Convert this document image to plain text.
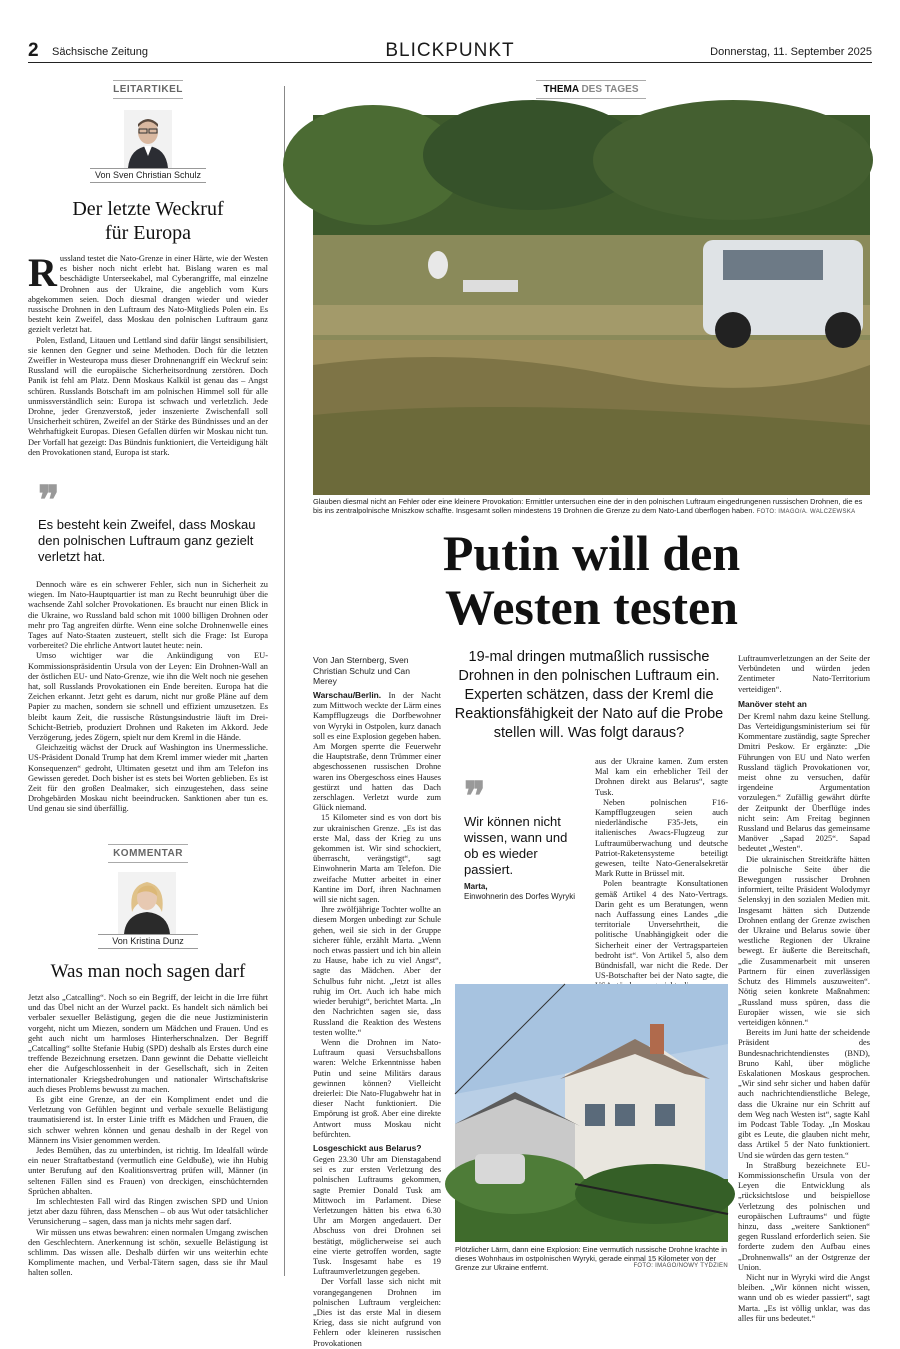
2 Sächsische Zeitung	BLICKPUNKT	Donnerstag, 11. September 2025
LEITARTIKEL
Von Sven Christian Schulz
Der letzte Weckruf
für Europa

Russland testet die Nato-Grenze in einer Härte, wie der Westen es bisher noch nicht erlebt hat. Bislang waren es mal beschädigte Unterseekabel, mal Cyberangriffe, mal einzelne Drohnen aus der Ukraine, die angeblich vom Kurs abgekommen seien. Doch diesmal drangen wieder und wieder russische Drohnen in den Luftraum des Nato-Mitglieds Polen ein. Es besteht kein Zweifel, dass Moskau den polnischen Luftraum ganz gezielt verletzt hat.

Polen, Estland, Litauen und Lettland sind dafür längst sensibilisiert, sie kennen den Gegner und seine Methoden. Doch für die letzten Zweifler in Westeuropa muss dieser Drohnenangriff ein Weckruf sein: Russland will die europäische Sicherheitsordnung zerstören. Doch Panik ist fehl am Platz. Denn Moskaus Kalkül ist genau das – Angst schüren. Russlands Botschaft im am polnischen Himmel soll für alle unmissverständlich sein: Europa ist schwach und verletzlich. Jede Drohne, jeder Grenzverstoß, jeder inszenierte Zwischenfall soll Unsicherheit schüren, Zweifel an der Stärke des Bündnisses und an der Wehrhaftigkeit Europas. Diesen Gefallen dürfen wir Moskau nicht tun. Der Vorfall hat gezeigt: Das Bündnis funktioniert, die Verteidigung hält den Provokationen stand, Europa ist stark.

❞
Es besteht kein Zweifel, dass Moskau den polnischen Luftraum ganz gezielt verletzt hat.

Dennoch wäre es ein schwerer Fehler, sich nun in Sicherheit zu wiegen. Im Nato-Hauptquartier ist man zu Recht beunruhigt über die wachsende Zahl solcher Provokationen. Es braucht nur einen Blick in die Ukraine, wo Russland bald schon mit 1000 billigen Drohnen oder mehr pro Tag angreifen dürfte. Wenn eine solche Drohnenwelle eines Tages auf Nato-Staaten zusteuert, stellt sich die Frage: Ist Europa vorbereitet? Die ehrliche Antwort lautet heute: nein.

Umso wichtiger war die Ankündigung von EU-Kommissionspräsidentin Ursula von der Leyen: Ein Drohnen-Wall an der östlichen EU- und Nato-Grenze, wie ihn die Welt noch nie gesehen hat, soll Russlands Provokationen ein Ende bereiten. Europa hat die Zeichen erkannt. Jetzt geht es darum, nicht nur große Pläne auf dem Papier zu machen, sondern sie schnell und effizient umzusetzen. Es bleibt kaum Zeit, die russische Rüstungsindustrie läuft im Drei-Schicht-Betrieb, produziert Drohnen und Raketen im Akkord. Jede Verzögerung, jedes Zögern, spielt nur dem Kreml in die Hände.

Gleichzeitig wächst der Druck auf Washington ins Unermessliche. US-Präsident Donald Trump hat dem Kreml immer wieder mit „harten Konsequenzen“ gedroht, Ultimaten gesetzt und ihm am Telefon ins Gewissen geredet. Doch bisher ist es stets bei Worten geblieben. Es ist Zeit für den großen Dealmaker, sich einzugestehen, dass seine Drohgebärden Moskau nicht beeindrucken. Sanktionen aber tun es. Und genau sie sind überfällig.

KOMMENTAR
Von Kristina Dunz
Was man noch sagen darf

Jetzt also „Catcalling“. Noch so ein Begriff, der leicht in die Irre führt und das Übel nicht an der Wurzel packt. Es handelt sich nämlich bei verbaler sexueller Belästigung, gegen die die neue Justizministerin vorgeht, nicht um Miezen, sondern um Mädchen und Frauen. Und es geht auch nicht um harmloses Hinterherschnalzen. Der Begriff „Catcalling“ sollte Stefanie Hubig (SPD) deshalb als Erstes durch eine treffende Bezeichnung ersetzen. Dann gewinnt die Debatte vielleicht eher die Aufgeschlossenheit in der Gesellschaft, sich in Zeiten internationaler Kriegsbedrohungen und nationaler Wirtschaftskrise auch dieses Problems bewusst zu machen.

Es gibt eine Grenze, an der ein Kompliment endet und die Verletzung von Gefühlen beginnt und verbale sexuelle Belästigung traumatisierend ist. In erster Linie trifft es Mädchen und Frauen, die sich schwer wehren können und genau deshalb in der Regel von Männern ins Visier genommen werden.

Jedes Bemühen, das zu unterbinden, ist richtig. Im Idealfall würde ein neuer Straftatbestand (vermutlich eine Geldbuße), wie ihn Hubig unter Berufung auf den Koalitionsvertrag prüfen will, Männer (in seltenen Fällen sind es Frauen) von dreckigen, einschüchternden Sprüchen abhalten.

Im schlechtesten Fall wird das Ringen zwischen SPD und Union jetzt aber dazu führen, dass Menschen – ob aus Wut oder tatsächlicher Verunsicherung – sagen, dass man ja nichts mehr sagen darf.

Wir müssen uns etwas bewahren: einen normalen Umgang zwischen den Geschlechtern. Anerkennung ist schön, sexuelle Belästigung ist schlimm. Das wissen alle. Deshalb dürfen wir uns weiterhin echte Komplimente machen, und Verbal-Tätern sagen, dass sie ihr Maul halten sollen.

THEMA DES TAGES
Glauben diesmal nicht an Fehler oder eine kleinere Provokation: Ermittler untersuchen eine der in den polnischen Luftraum eingedrungenen russischen Drohnen, die es bis ins zentralpolnische Mniszkow schaffte. Insgesamt sollen mindestens 19 Drohnen die Grenze zu dem Nato-Land überflogen haben. FOTO: IMAGO/A. WALCZEWSKA
Putin will den
Westen testen
Von Jan Sternberg, Sven Christian Schulz und Can Merey
19-mal dringen mutmaßlich russische Drohnen in den polnischen Luftraum ein. Experten schätzen, dass der Kreml die Reaktionsfähigkeit der Nato auf die Probe stellen will. Was folgt daraus?

Warschau/Berlin. In der Nacht zum Mittwoch weckte der Lärm eines Kampfflugzeugs die Dorfbewohner von Wyryki in Ostpolen, kurz danach soll es eine Explosion gegeben haben. Am Morgen sperrte die Feuerwehr die Hauptstraße, denn Trümmer einer abgeschossenen russischen Drohne waren ins Obergeschoss eines Hauses gestürzt und hatten das Dach zerschlagen. Verletzt wurde zum Glück niemand.

15 Kilometer sind es von dort bis zur ukrainischen Grenze. „Es ist das erste Mal, dass der Krieg zu uns gekommen ist. Wir sind schockiert, überrascht, verängstigt“, sagt Einwohnerin Marta am Telefon. Die zweifache Mutter arbeitet in einer Kantine im Dorf, ihren Nachnamen will sie nicht sagen.

Ihre zwölfjährige Tochter wollte an diesem Morgen unbedingt zur Schule gehen, weil sie sich in der Gruppe sicherer fühle, erzählt Marta. „Wenn noch etwas passiert und ich bin allein zu Hause, habe ich zu viel Angst“, sagte das Mädchen. Aber der Schulbus fuhr nicht. „Jetzt ist alles ruhig im Ort. Auch ich habe mich wieder beruhigt“, berichtet Marta. „In den Nachrichten sagen sie, dass Russland die Reaktion des Westens testen wollte.“

Wenn die Drohnen im Nato-Luftraum quasi Versuchsballons waren: Welche Erkenntnisse haben Putin und seine Militärs daraus gewinnen können? Vielleicht dreierlei: Die Nato-Flugabwehr hat in dieser Nacht funktioniert. Die Empörung ist groß. Aber eine direkte Antwort muss Moskau nicht befürchten.

Losgeschickt aus Belarus?

Gegen 23.30 Uhr am Dienstagabend sei es zur ersten Verletzung des polnischen Luftraums gekommen, sagte Premier Donald Tusk am Mittwoch im Parlament. Diese Verletzungen hätten bis etwa 6.30 Uhr am Morgen angedauert. Der Abschuss von drei Drohnen sei bestätigt, möglicherweise sei auch eine vierte getroffen worden, sagte Tusk. Insgesamt habe es 19 Luftraumverletzungen gegeben.

Der Vorfall lasse sich nicht mit vorangegangenen Drohnen im polnischen Luftraum vergleichen: „Dies ist das erste Mal in diesem Krieg, dass sie nicht aufgrund von Fehlern oder kleineren russischen Provokationen

❞
Wir können nicht wissen, wann und ob es wieder passiert.
Marta,
Einwohnerin des Dorfes Wyryki

aus der Ukraine kamen. Zum ersten Mal kam ein erheblicher Teil der Drohnen direkt aus Belarus“, sagte Tusk.

Neben polnischen F16-Kampfflugzeugen seien auch niederländische F35-Jets, ein italienisches Awacs-Flugzeug zur Luftraumüberwachung und deutsche Patriot-Raketensysteme beteiligt gewesen, teilte Nato-Generalsekretär Mark Rutte in Brüssel mit.

Polen beantragte Konsultationen gemäß Artikel 4 des Nato-Vertrags. Darin geht es um Beratungen, wenn nach Auffassung eines Landes „die territoriale Unversehrtheit, die politische Unabhängigkeit oder die Sicherheit einer der Vertragsparteien bedroht ist“. Von Artikel 5, also dem Bündnisfall, war nicht die Rede. Der US-Botschafter bei der Nato sagte, die

Plötzlicher Lärm, dann eine Explosion: Eine vermutlich russische Drohne krachte in dieses Wohnhaus im ostpolnischen Wyryki, gerade einmal 15 Kilometer von der Grenze zur Ukraine entfernt.	FOTO: IMAGO/NOWY TYDZIEN

Luftraumverletzungen an der Seite der Verbündeten und würden jeden Zentimeter Nato-Territorium verteidigen“.

Manöver steht an

Der Kreml nahm dazu keine Stellung. Das Verteidigungsministerium sei für Kommentare zuständig, sagte Sprecher Dmitri Peskow. Er ergänzte: „Die Führungen von EU und Nato werfen Russland täglich Provokationen vor, meist ohne zu versuchen, dafür irgendeine Argumentation vorzulegen.“ Zufällig gewährt dürfte der Zeitpunkt der Überflüge indes nicht sein: Am Freitag beginnen Russland und Belarus das gemeinsame Manöver „Sapad 2025“. Sapad bedeutet „Westen“.

Die ukrainischen Streitkräfte hätten die polnische Seite über die Bewegungen russischer Drohnen informiert, teilte Präsident Wolodymyr Selenskyj in den sozialen Medien mit. Insgesamt hätten sich Dutzende Drohnen entlang der Grenze zwischen der Ukraine und Belarus sowie über westliche Regionen der Ukraine bewegt. Er äußerte die Bereitschaft, „die Zusammenarbeit mit unseren Partnern für einen zuverlässigen Schutz des Himmels auszuweiten“. Nötig seien konkrete Maßnahmen: „Russland muss spüren, dass die Europäer wissen, wie sie sich verteidigen können.“

Bereits im Juni hatte der scheidende Präsident des Bundesnachrichtendienstes (BND), Bruno Kahl, über mögliche Eskalationen Moskaus gesprochen. „Wir sind sehr sicher und haben dafür auch nachrichtendienstliche Belege, dass die Ukraine nur ein Schritt auf dem Weg nach Westen ist“, sagte Kahl im Podcast Table Today. „In Moskau gibt es Leute, die glauben nicht mehr, dass Artikel 5 der Nato funktioniert. Und sie würden das gern testen.“

In Straßburg bezeichnete EU-Kommissionschefin Ursula von der Leyen die Entwicklung als „rücksichtslose und beispiellose Verletzung des polnischen und europäischen Luftraums“ und fügte hinzu, dass „weitere Sanktionen“ gegen Russland erforderlich seien. Sie forderte zudem den Aufbau eines „Drohnenwalls“ an der Ostgrenze der Union.

Nicht nur in Wyryki wird die Angst bleiben. „Wir können nicht wissen, wann und ob es wieder passiert“, sagt Marta. „Es ist völlig unklar, was das alles für uns bedeutet.“
